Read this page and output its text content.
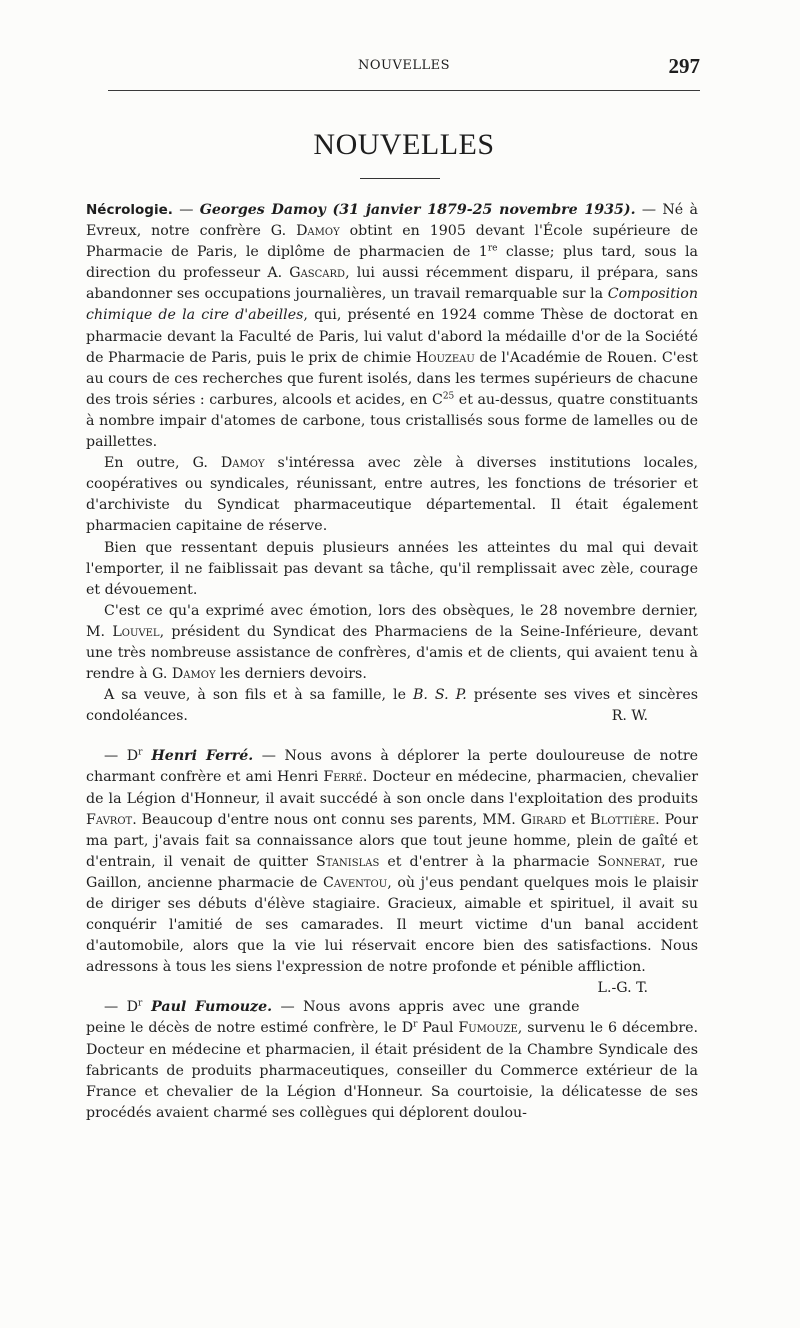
NOUVELLES	297
NOUVELLES

Nécrologie. — Georges Damoy (31 janvier 1879-25 novembre 1935). — Né à Evreux, notre confrère G. Damoy obtint en 1905 devant l'École supérieure de Pharmacie de Paris, le diplôme de pharmacien de 1re classe; plus tard, sous la direction du professeur A. Gascard, lui aussi récemment disparu, il prépara, sans abandonner ses occupations journalières, un travail remarquable sur la Composition chimique de la cire d'abeilles, qui, présenté en 1924 comme Thèse de doctorat en pharmacie devant la Faculté de Paris, lui valut d'abord la médaille d'or de la Société de Pharmacie de Paris, puis le prix de chimie Houzeau de l'Académie de Rouen. C'est au cours de ces recherches que furent isolés, dans les termes supérieurs de chacune des trois séries : carbures, alcools et acides, en $C^{25}$ et au-dessus, quatre constituants à nombre impair d'atomes de carbone, tous cristallisés sous forme de lamelles ou de paillettes.

En outre, G. Damoy s'intéressa avec zèle à diverses institutions locales, coopératives ou syndicales, réunissant, entre autres, les fonctions de trésorier et d'archiviste du Syndicat pharmaceutique départemental. Il était également pharmacien capitaine de réserve.

Bien que ressentant depuis plusieurs années les atteintes du mal qui devait l'emporter, il ne faiblissait pas devant sa tâche, qu'il remplissait avec zèle, courage et dévouement.

C'est ce qu'a exprimé avec émotion, lors des obsèques, le 28 novembre dernier, M. Louvel, président du Syndicat des Pharmaciens de la Seine-Inférieure, devant une très nombreuse assistance de confrères, d'amis et de clients, qui avaient tenu à rendre à G. Damoy les derniers devoirs.

A sa veuve, à son fils et à sa famille, le B. S. P. présente ses vives et sincères condoléances.	R. W.

— $D^r$ Henri Ferré. — Nous avons à déplorer la perte douloureuse de notre charmant confrère et ami Henri Ferré. Docteur en médecine, pharmacien, chevalier de la Légion d'Honneur, il avait succédé à son oncle dans l'exploitation des produits Favrot. Beaucoup d'entre nous ont connu ses parents, MM. Girard et Blottière. Pour ma part, j'avais fait sa connaissance alors que tout jeune homme, plein de gaîté et d'entrain, il venait de quitter Stanislas et d'entrer à la pharmacie Sonnerat, rue Gaillon, ancienne pharmacie de Caventou, où j'eus pendant quelques mois le plaisir de diriger ses débuts d'élève stagiaire. Gracieux, aimable et spirituel, il avait su conquérir l'amitié de ses camarades. Il meurt victime d'un banal accident d'automobile, alors que la vie lui réservait encore bien des satisfactions. Nous adressons à tous les siens l'expression de notre profonde et pénible affliction.
L.-G. T.

— $D^r$ Paul Fumouze. — Nous avons appris avec une grande peine le décès de notre estimé confrère, le $D^r$ Paul Fumouze, survenu le 6 décembre. Docteur en médecine et pharmacien, il était président de la Chambre Syndicale des fabricants de produits pharmaceutiques, conseiller du Commerce extérieur de la France et chevalier de la Légion d'Honneur. Sa courtoisie, la délicatesse de ses procédés avaient charmé ses collègues qui déplorent doulou-
